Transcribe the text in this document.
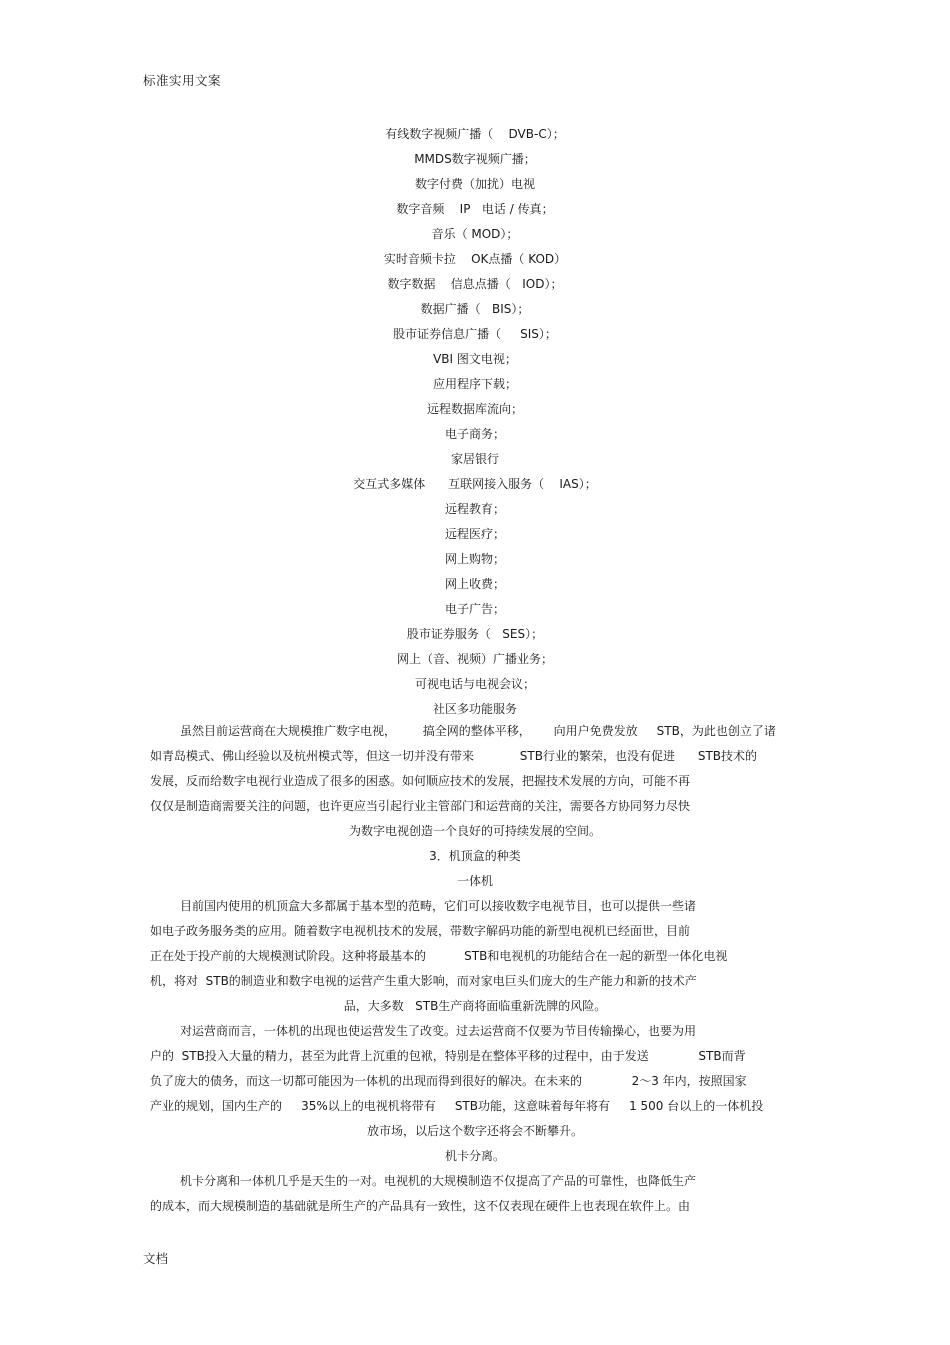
标准实用文案
有线数字视频广播（    DVB-C）；
MMDS数字视频广播；
数字付费（加扰）电视
数字音频    IP   电话 / 传真；
音乐（ MOD）；
实时音频卡拉    OK点播（ KOD）
数字数据    信息点播（   IOD）；
数据广播（   BIS）；
股市证券信息广播（     SIS）；
VBI 图文电视；
应用程序下载；
远程数据库流向；
电子商务；
家居银行
交互式多媒体      互联网接入服务（    IAS）；
远程教育；
远程医疗；
网上购物；
网上收费；
电子广告；
股市证券服务（   SES）；
网上（音、视频）广播业务；
可视电话与电视会议；
社区多功能服务
虽然目前运营商在大规模推广数字电视，       搞全网的整体平移，      向用户免费发放     STB，为此也创立了诸
如青岛模式、佛山经验以及杭州模式等，但这一切并没有带来            STB行业的繁荣，也没有促进      STB技术的
发展，反而给数字电视行业造成了很多的困惑。如何顺应技术的发展，把握技术发展的方向，可能不再
仅仅是制造商需要关注的问题，也许更应当引起行业主管部门和运营商的关注，需要各方协同努力尽快
为数字电视创造一个良好的可持续发展的空间。
3．机顶盒的种类
一体机
目前国内使用的机顶盒大多都属于基本型的范畴，它们可以接收数字电视节目，也可以提供一些诸
如电子政务服务类的应用。随着数字电视机技术的发展，带数字解码功能的新型电视机已经面世，目前
正在处于投产前的大规模测试阶段。这种将最基本的          STB和电视机的功能结合在一起的新型一体化电视
机，将对  STB的制造业和数字电视的运营产生重大影响，而对家电巨头们庞大的生产能力和新的技术产
品，大多数   STB生产商将面临重新洗牌的风险。
对运营商而言，一体机的出现也使运营发生了改变。过去运营商不仅要为节目传输操心，也要为用
户的  STB投入大量的精力，甚至为此背上沉重的包袱，特别是在整体平移的过程中，由于发送             STB而背
负了庞大的债务，而这一切都可能因为一体机的出现而得到很好的解决。在未来的             2～3 年内，按照国家
产业的规划，国内生产的     35%以上的电视机将带有     STB功能，这意味着每年将有     1 500 台以上的一体机投
放市场，以后这个数字还将会不断攀升。
机卡分离。
机卡分离和一体机几乎是天生的一对。电视机的大规模制造不仅提高了产品的可靠性，也降低生产
的成本，而大规模制造的基础就是所生产的产品具有一致性，这不仅表现在硬件上也表现在软件上。由
文档
